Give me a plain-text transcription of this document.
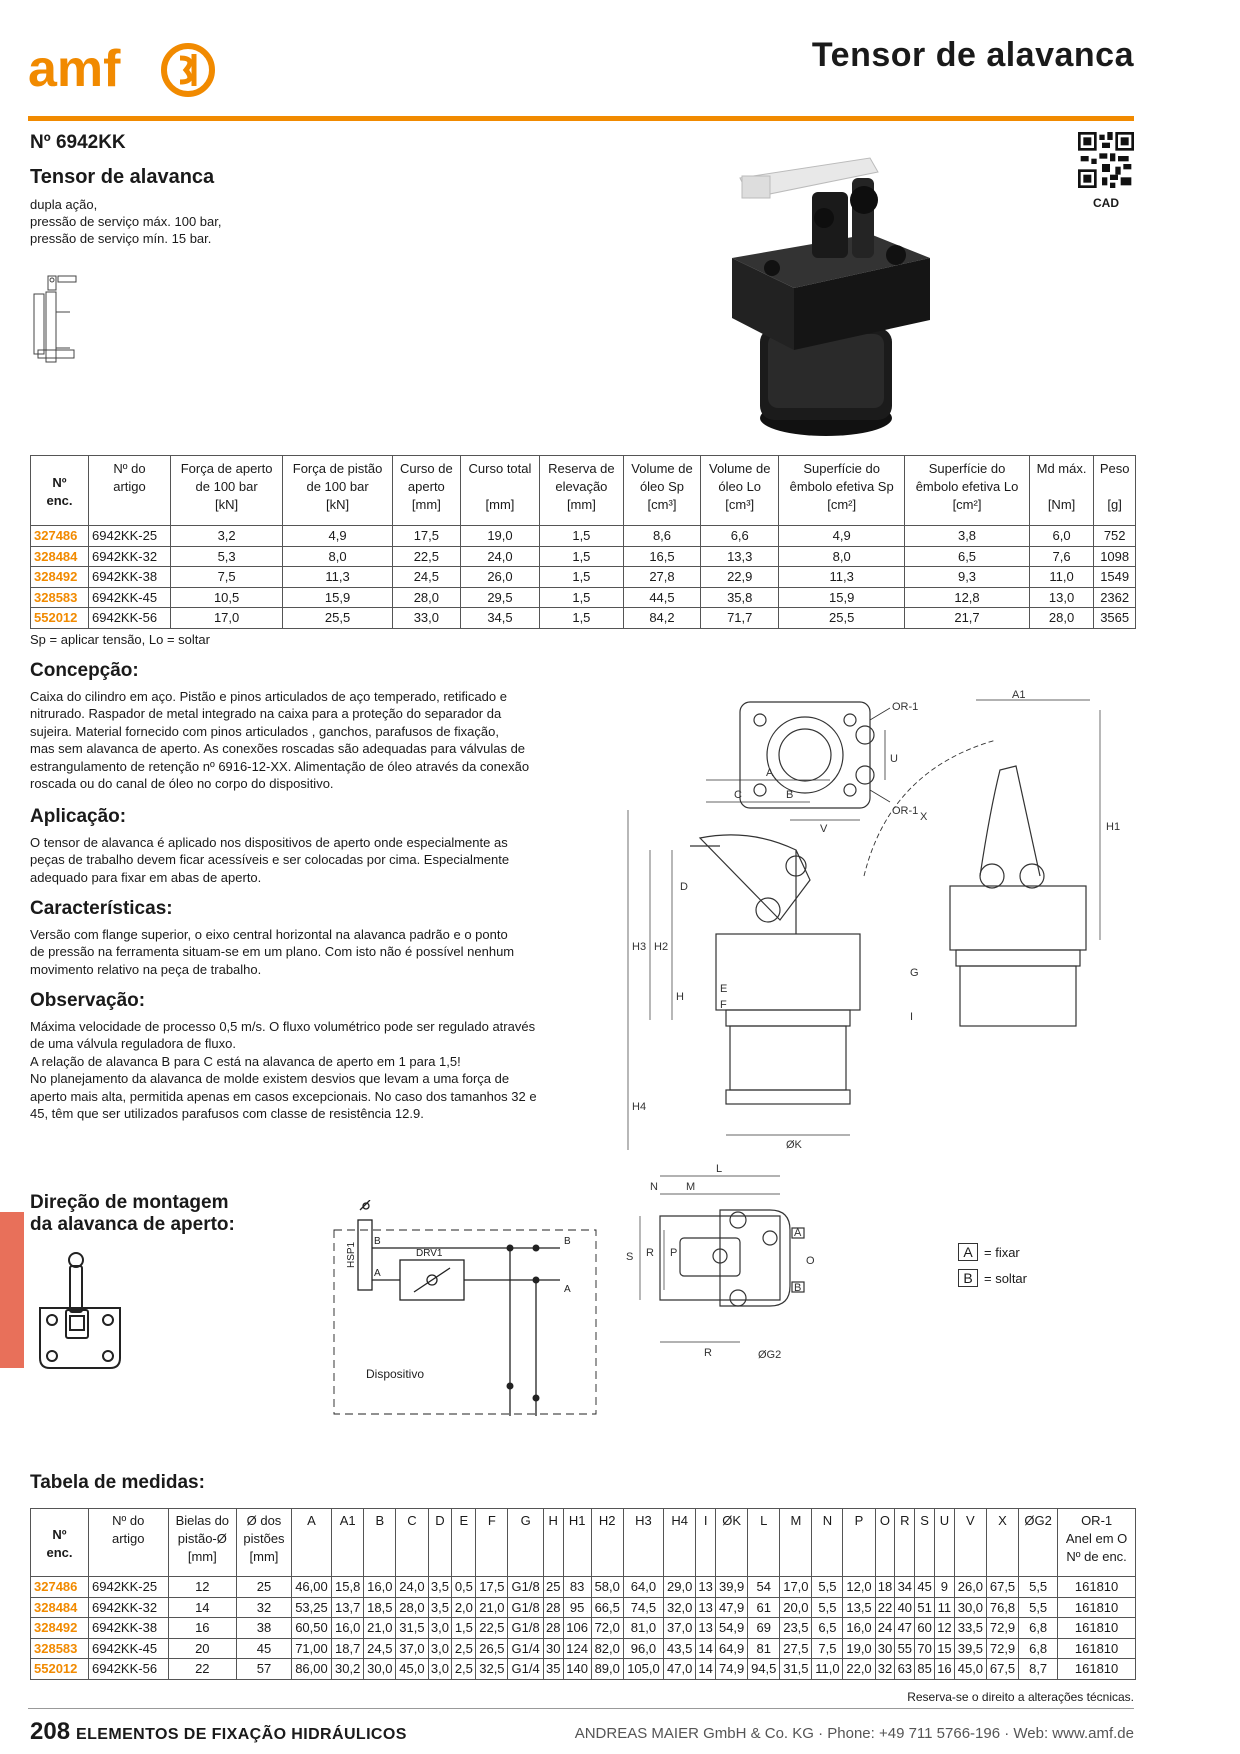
amf	Tensor de alavanca
Nº 6942KK
CAD
Tensor de alavanca
dupla ação,
pressão de serviço máx. 100 bar,
pressão de serviço mín. 15 bar.
Nº
enc.	Nº do
artigo	Força de aperto
de 100 bar
[kN]	Força de pistão
de 100 bar
[kN]	Curso de
aperto
[mm]	Curso total

[mm]	Reserva de
elevação
[mm]	Volume de
óleo Sp
[cm³]	Volume de
óleo Lo
[cm³]	Superfície do
êmbolo efetiva Sp
[cm²]	Superfície do
êmbolo efetiva Lo
[cm²]	Md máx.

[Nm]	Peso

[g]
327486	6942KK-25	3,2	4,9	17,5	19,0	1,5	8,6	6,6	4,9	3,8	6,0	752
328484	6942KK-32	5,3	8,0	22,5	24,0	1,5	16,5	13,3	8,0	6,5	7,6	1098
328492	6942KK-38	7,5	11,3	24,5	26,0	1,5	27,8	22,9	11,3	9,3	11,0	1549
328583	6942KK-45	10,5	15,9	28,0	29,5	1,5	44,5	35,8	15,9	12,8	13,0	2362
552012	6942KK-56	17,0	25,5	33,0	34,5	1,5	84,2	71,7	25,5	21,7	28,0	3565
Sp = aplicar tensão, Lo = soltar
Concepção:
Caixa do cilindro em aço. Pistão e pinos articulados de aço temperado, retificado e
nitrurado. Raspador de metal integrado na caixa para a proteção do separador da
sujeira. Material fornecido com pinos articulados , ganchos, parafusos de fixação,
mas sem alavanca de aperto. As conexões roscadas são adequadas para válvulas de
estrangulamento de retenção nº 6916-12-XX. Alimentação de óleo através da conexão
roscada ou do canal de óleo no corpo do dispositivo.
Aplicação:
O tensor de alavanca é aplicado nos dispositivos de aperto onde especialmente as
peças de trabalho devem ficar acessíveis e ser colocadas por cima. Especialmente
adequado para fixar em abas de aperto.
Características:
Versão com flange superior, o eixo central horizontal na alavanca padrão e o ponto
de pressão na ferramenta situam-se em um plano. Com isto não é possível nenhum
movimento relativo na peça de trabalho.
Observação:
Máxima velocidade de processo 0,5 m/s. O fluxo volumétrico pode ser regulado através
de uma válvula reguladora de fluxo.
A relação de alavanca B para C está na alavanca de aperto em 1 para 1,5!
No planejamento da alavanca de molde existem desvios que levam a uma força de
aperto mais alta, permitida apenas em casos excepcionais. No caso dos tamanhos 32 e
45, têm que ser utilizados parafusos com classe de resistência 12.9.
Direção de montagem
da alavanca de aperto:
OR-1
OR-1
V
U
A1
A
C	B
D
E
F
G
H
H1
H2
H3
H4
X
I
ØK
L
N	M
S R P
O
R	ØG2
A
B
HSP1	DRV1
B
A
B
A
Dispositivo
A = fixar
B = soltar
Tabela de medidas:
Nº
enc.	Nº do
artigo	Bielas do
pistão-Ø
[mm]	Ø dos
pistões
[mm]	A	A1	B	C	D	E	F	G	H	H1	H2	H3	H4	I	ØK	L	M	N	P	O	R	S	U	V	X	ØG2	OR-1
Anel em O
Nº de enc.
327486	6942KK-25	12	25	46,00	15,8	16,0	24,0	3,5	0,5	17,5	G1/8	25	83	58,0	64,0	29,0	13	39,9	54	17,0	5,5	12,0	18	34	45	9	26,0	67,5	5,5	161810
328484	6942KK-32	14	32	53,25	13,7	18,5	28,0	3,5	2,0	21,0	G1/8	28	95	66,5	74,5	32,0	13	47,9	61	20,0	5,5	13,5	22	40	51	11	30,0	76,8	5,5	161810
328492	6942KK-38	16	38	60,50	16,0	21,0	31,5	3,0	1,5	22,5	G1/8	28	106	72,0	81,0	37,0	13	54,9	69	23,5	6,5	16,0	24	47	60	12	33,5	72,9	6,8	161810
328583	6942KK-45	20	45	71,00	18,7	24,5	37,0	3,0	2,5	26,5	G1/4	30	124	82,0	96,0	43,5	14	64,9	81	27,5	7,5	19,0	30	55	70	15	39,5	72,9	6,8	161810
552012	6942KK-56	22	57	86,00	30,2	30,0	45,0	3,0	2,5	32,5	G1/4	35	140	89,0	105,0	47,0	14	74,9	94,5	31,5	11,0	22,0	32	63	85	16	45,0	67,5	8,7	161810
Reserva-se o direito a alterações técnicas.
208 ELEMENTOS DE FIXAÇÃO HIDRÁULICOS	ANDREAS MAIER GmbH & Co. KG · Phone: +49 711 5766-196 · Web: www.amf.de
